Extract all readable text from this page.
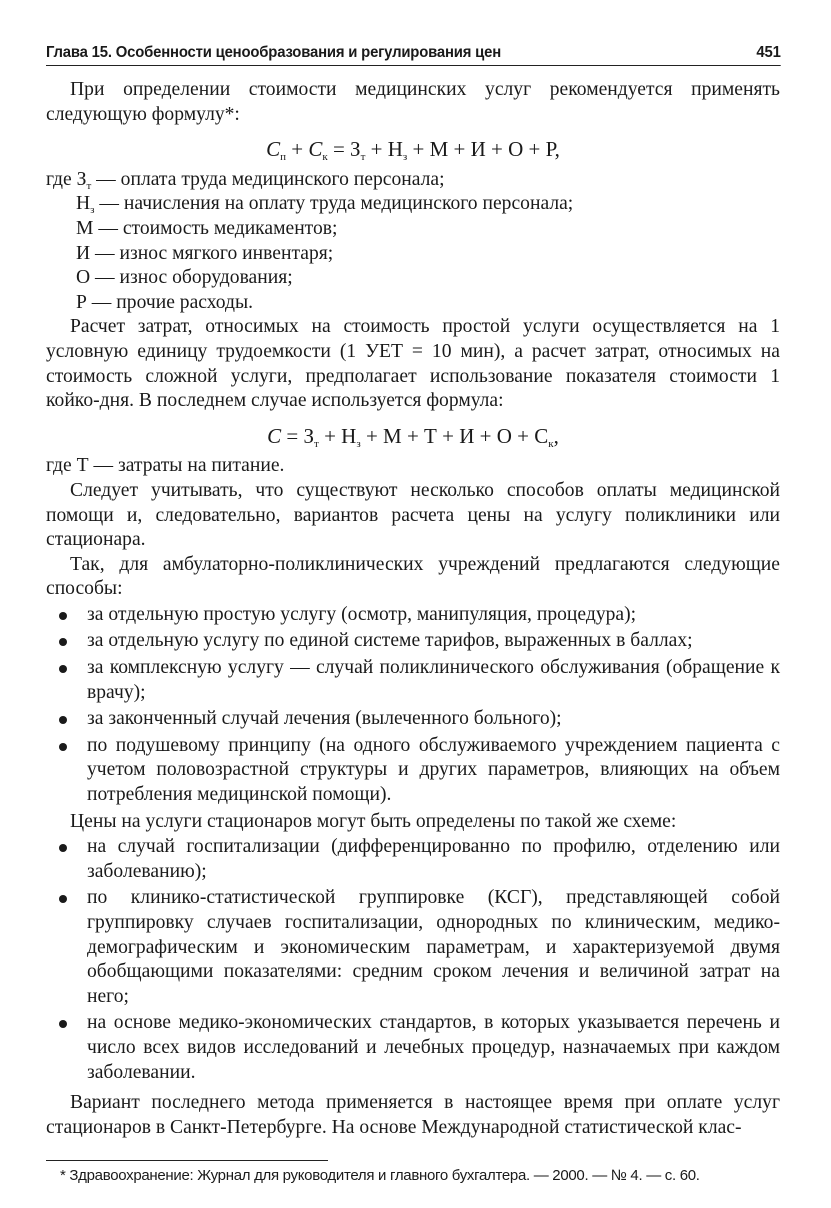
Глава 15. Особенности ценообразования и регулирования цен	451

При определении стоимости медицинских услуг рекомендуется применять следующую формулу*:

$C_п + C_к = З_т + Н_з + М + И + О + Р$,
где $З_т$ — оплата труда медицинского персонала;
$Н_з$ — начисления на оплату труда медицинского персонала;
М — стоимость медикаментов;
И — износ мягкого инвентаря;
О — износ оборудования;
Р — прочие расходы.

Расчет затрат, относимых на стоимость простой услуги осуществляется на 1 условную единицу трудоемкости (1 УЕТ = 10 мин), а расчет затрат, относимых на стоимость сложной услуги, предполагает использование показателя стоимости 1 койко-дня. В последнем случае используется формула:

$C = З_т + Н_з + М + Т + И + О + С_к$,

где Т — затраты на питание.

Следует учитывать, что существуют несколько способов оплаты медицинской помощи и, следовательно, вариантов расчета цены на услугу поликлиники или стационара.

Так, для амбулаторно-поликлинических учреждений предлагаются следующие способы:

за отдельную простую услугу (осмотр, манипуляция, процедура);
за отдельную услугу по единой системе тарифов, выраженных в баллах;
за комплексную услугу — случай поликлинического обслуживания (обращение к врачу);
за законченный случай лечения (вылеченного больного);
по подушевому принципу (на одного обслуживаемого учреждением пациента с учетом половозрастной структуры и других параметров, влияющих на объем потребления медицинской помощи).

Цены на услуги стационаров могут быть определены по такой же схеме:

на случай госпитализации (дифференцированно по профилю, отделению или заболеванию);
по клинико-статистической группировке (КСГ), представляющей собой группировку случаев госпитализации, однородных по клиническим, медико-демографическим и экономическим параметрам, и характеризуемой двумя обобщающими показателями: средним сроком лечения и величиной затрат на него;
на основе медико-экономических стандартов, в которых указывается перечень и число всех видов исследований и лечебных процедур, назначаемых при каждом заболевании.

Вариант последнего метода применяется в настоящее время при оплате услуг стационаров в Санкт-Петербурге. На основе Международной статистической клас-

* Здравоохранение: Журнал для руководителя и главного бухгалтера. — 2000. — № 4. — с. 60.
